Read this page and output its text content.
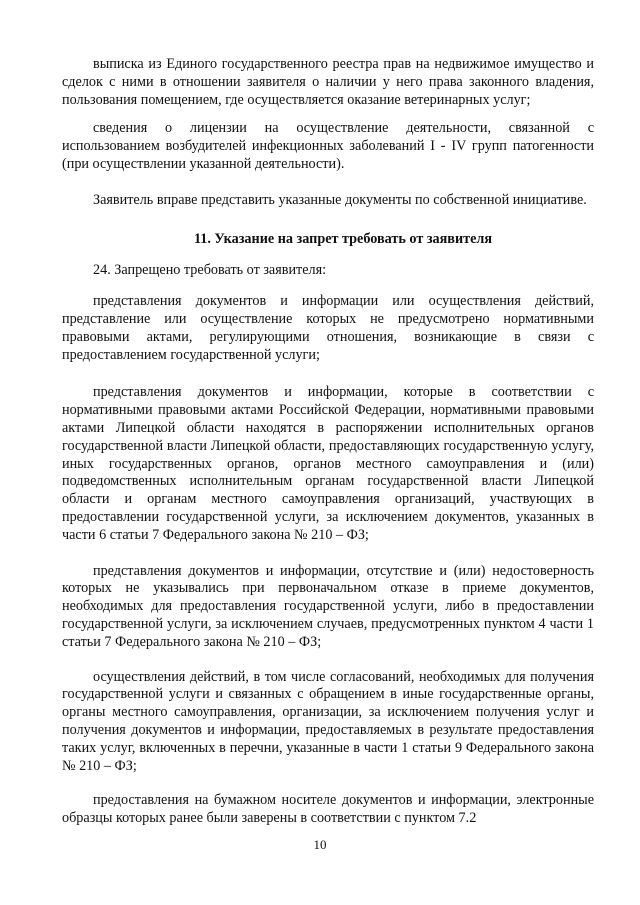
выписка из Единого государственного реестра прав на недвижимое имущество и сделок с ними в отношении заявителя о наличии у него права законного владения, пользования помещением, где осуществляется оказание ветеринарных услуг;

сведения о лицензии на осуществление деятельности, связанной с использованием возбудителей инфекционных заболеваний I - IV групп патогенности (при осуществлении указанной деятельности).

Заявитель вправе представить указанные документы по собственной инициативе.

11. Указание на запрет требовать от заявителя

24. Запрещено требовать от заявителя:

представления документов и информации или осуществления действий, представление или осуществление которых не предусмотрено нормативными правовыми актами, регулирующими отношения, возникающие в связи с предоставлением государственной услуги;

представления документов и информации, которые в соответствии с нормативными правовыми актами Российской Федерации, нормативными правовыми актами Липецкой области находятся в распоряжении исполнительных органов государственной власти Липецкой области, предоставляющих государственную услугу, иных государственных органов, органов местного самоуправления и (или) подведомственных исполнительным органам государственной власти Липецкой области и органам местного самоуправления организаций, участвующих в предоставлении государственной услуги, за исключением документов, указанных в части 6 статьи 7 Федерального закона № 210 – ФЗ;

представления документов и информации, отсутствие и (или) недостоверность которых не указывались при первоначальном отказе в приеме документов, необходимых для предоставления государственной услуги, либо в предоставлении государственной услуги, за исключением случаев, предусмотренных пунктом 4 части 1 статьи 7 Федерального закона № 210 – ФЗ;

осуществления действий, в том числе согласований, необходимых для получения государственной услуги и связанных с обращением в иные государственные органы, органы местного самоуправления, организации, за исключением получения услуг и получения документов и информации, предоставляемых в результате предоставления таких услуг, включенных в перечни, указанные в части 1 статьи 9 Федерального закона № 210 – ФЗ;

предоставления на бумажном носителе документов и информации, электронные образцы которых ранее были заверены в соответствии с пунктом 7.2

10
